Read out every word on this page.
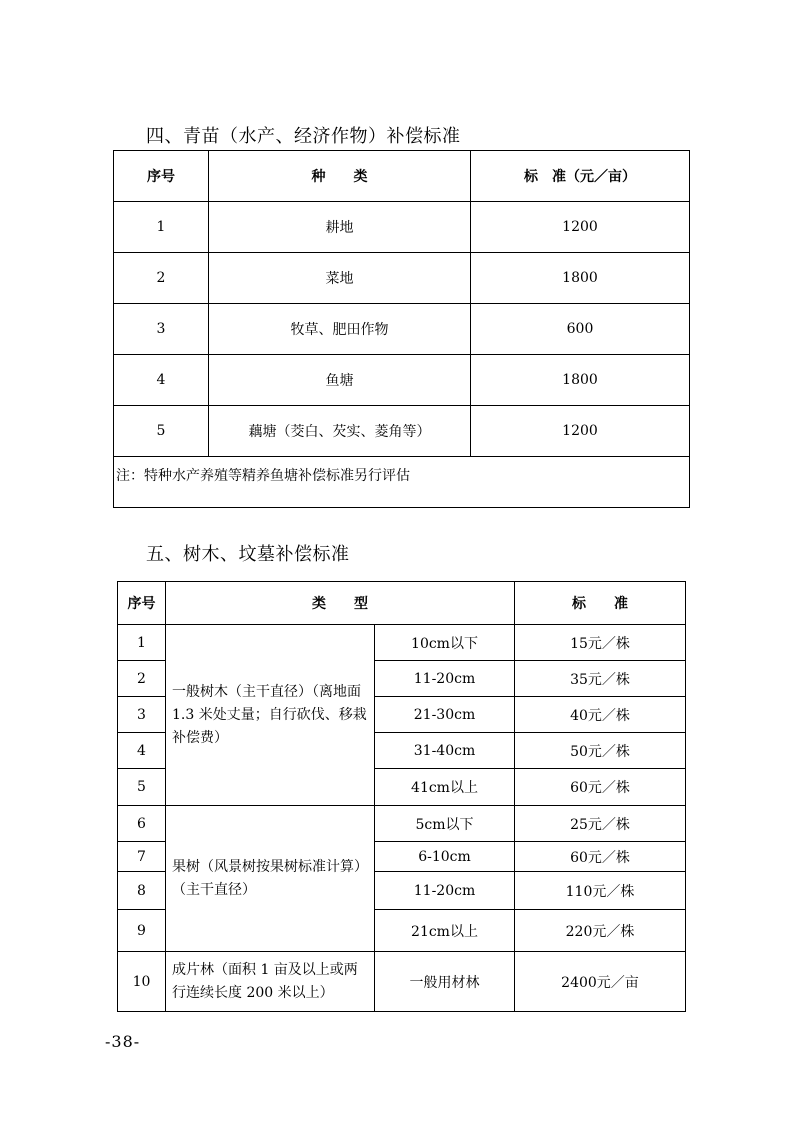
四、青苗（水产、经济作物）补偿标准
序号	种　　类	标　准（元／亩）
1	耕地	1200
2	菜地	1800
3	牧草、肥田作物	600
4	鱼塘	1800
5	藕塘（茭白、芡实、菱角等）	1200
注：特种水产养殖等精养鱼塘补偿标准另行评估		
五、树木、坟墓补偿标准
序号	类　　型		标　　准
1	一般树木（主干直径）（离地面 1.3 米处丈量；自行砍伐、移栽补偿费）	10cm以下	15元／株
2		11-20cm	35元／株
3		21-30cm	40元／株
4		31-40cm	50元／株
5		41cm以上	60元／株
6	果树（风景树按果树标准计算）（主干直径）	5cm以下	25元／株
7		6-10cm	60元／株
8		11-20cm	110元／株
9		21cm以上	220元／株
10	成片林（面积 1 亩及以上或两行连续长度 200 米以上）	一般用材林	2400元／亩
-38-
